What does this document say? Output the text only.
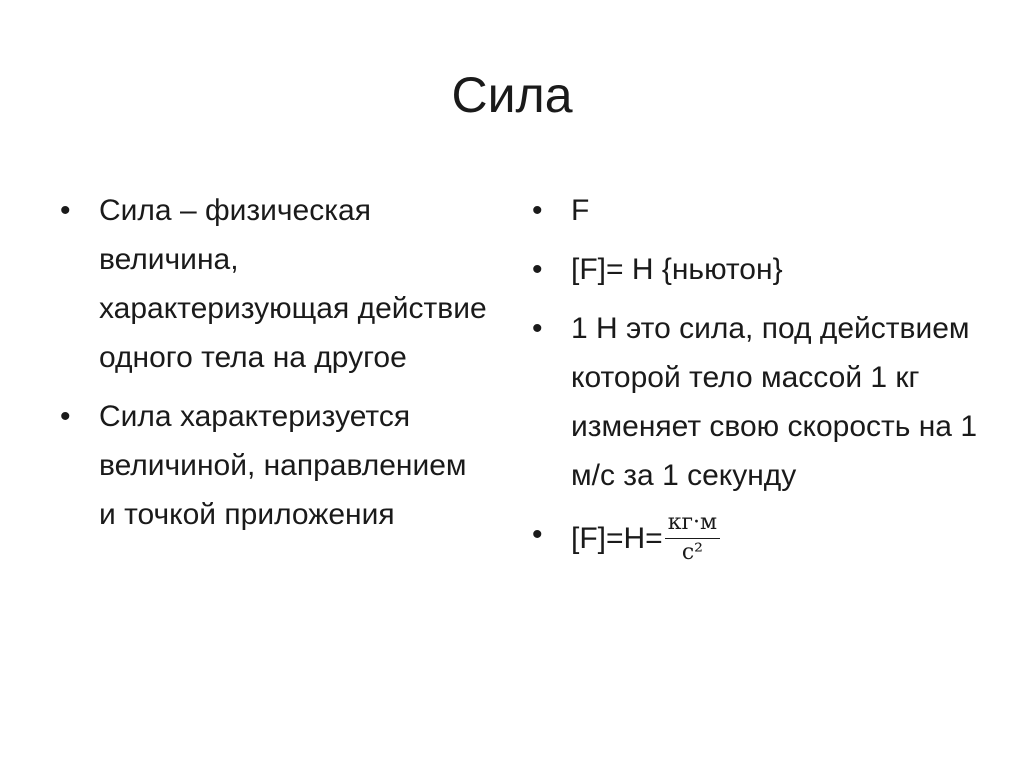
Сила
• Сила – физическая величина, характеризующая действие одного тела на другое
• Сила характеризуется величиной, направлением и точкой приложения
• F
• [F]= Н {ньютон}
• 1 Н это сила, под действием которой тело массой 1 кг изменяет свою скорость на 1 м/с за 1 секунду
• $[F]=Н= \frac{кг\cdot м}{\text{с²}}$
